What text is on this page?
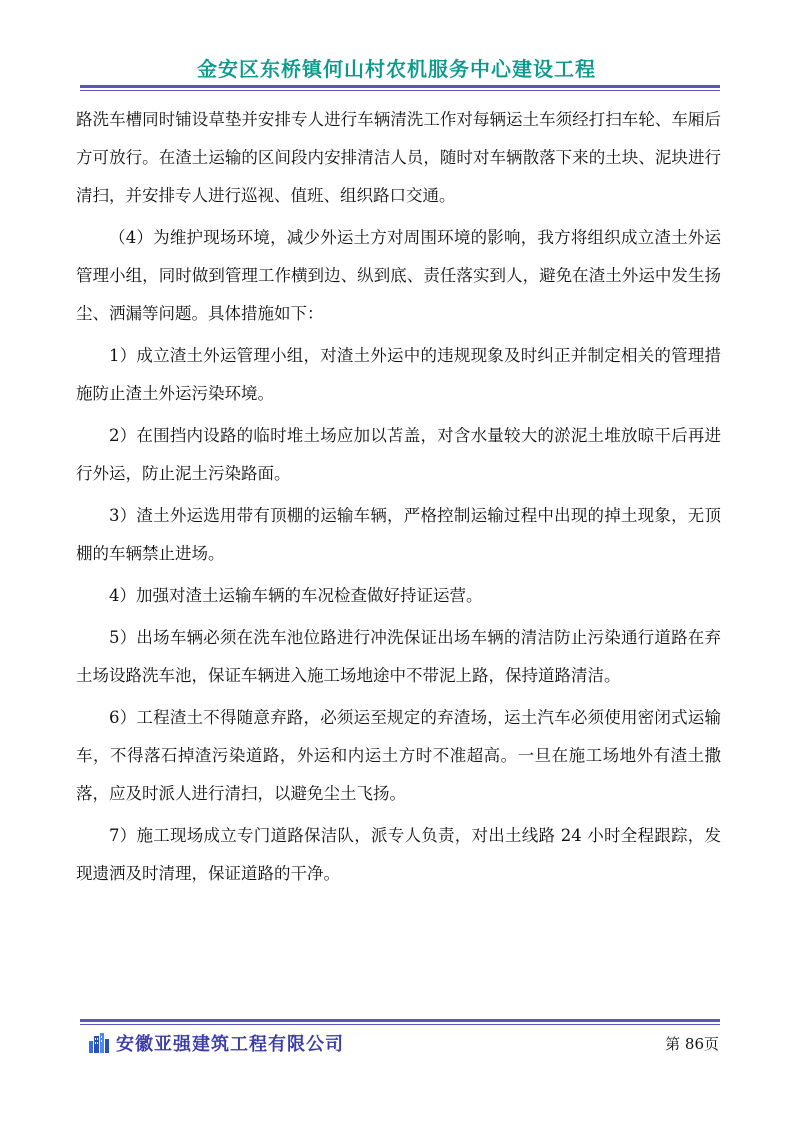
金安区东桥镇何山村农机服务中心建设工程

路洗车槽同时铺设草垫并安排专人进行车辆清洗工作对每辆运土车须经打扫车轮、车厢后方可放行。在渣土运输的区间段内安排清洁人员，随时对车辆散落下来的土块、泥块进行清扫，并安排专人进行巡视、值班、组织路口交通。

（4）为维护现场环境，减少外运土方对周围环境的影响，我方将组织成立渣土外运管理小组，同时做到管理工作横到边、纵到底、责任落实到人，避免在渣土外运中发生扬尘、洒漏等问题。具体措施如下：

1）成立渣土外运管理小组，对渣土外运中的违规现象及时纠正并制定相关的管理措施防止渣土外运污染环境。

2）在围挡内设路的临时堆土场应加以苫盖，对含水量较大的淤泥土堆放晾干后再进行外运，防止泥土污染路面。

3）渣土外运选用带有顶棚的运输车辆，严格控制运输过程中出现的掉土现象，无顶棚的车辆禁止进场。

4）加强对渣土运输车辆的车况检查做好持证运营。

5）出场车辆必须在洗车池位路进行冲洗保证出场车辆的清洁防止污染通行道路在弃土场设路洗车池，保证车辆进入施工场地途中不带泥上路，保持道路清洁。

6）工程渣土不得随意弃路，必须运至规定的弃渣场，运土汽车必须使用密闭式运输车，不得落石掉渣污染道路，外运和内运土方时不准超高。一旦在施工场地外有渣土撒落，应及时派人进行清扫，以避免尘土飞扬。

7）施工现场成立专门道路保洁队，派专人负责，对出土线路 24 小时全程跟踪，发现遗洒及时清理，保证道路的干净。

安徽亚强建筑工程有限公司	第 86页
